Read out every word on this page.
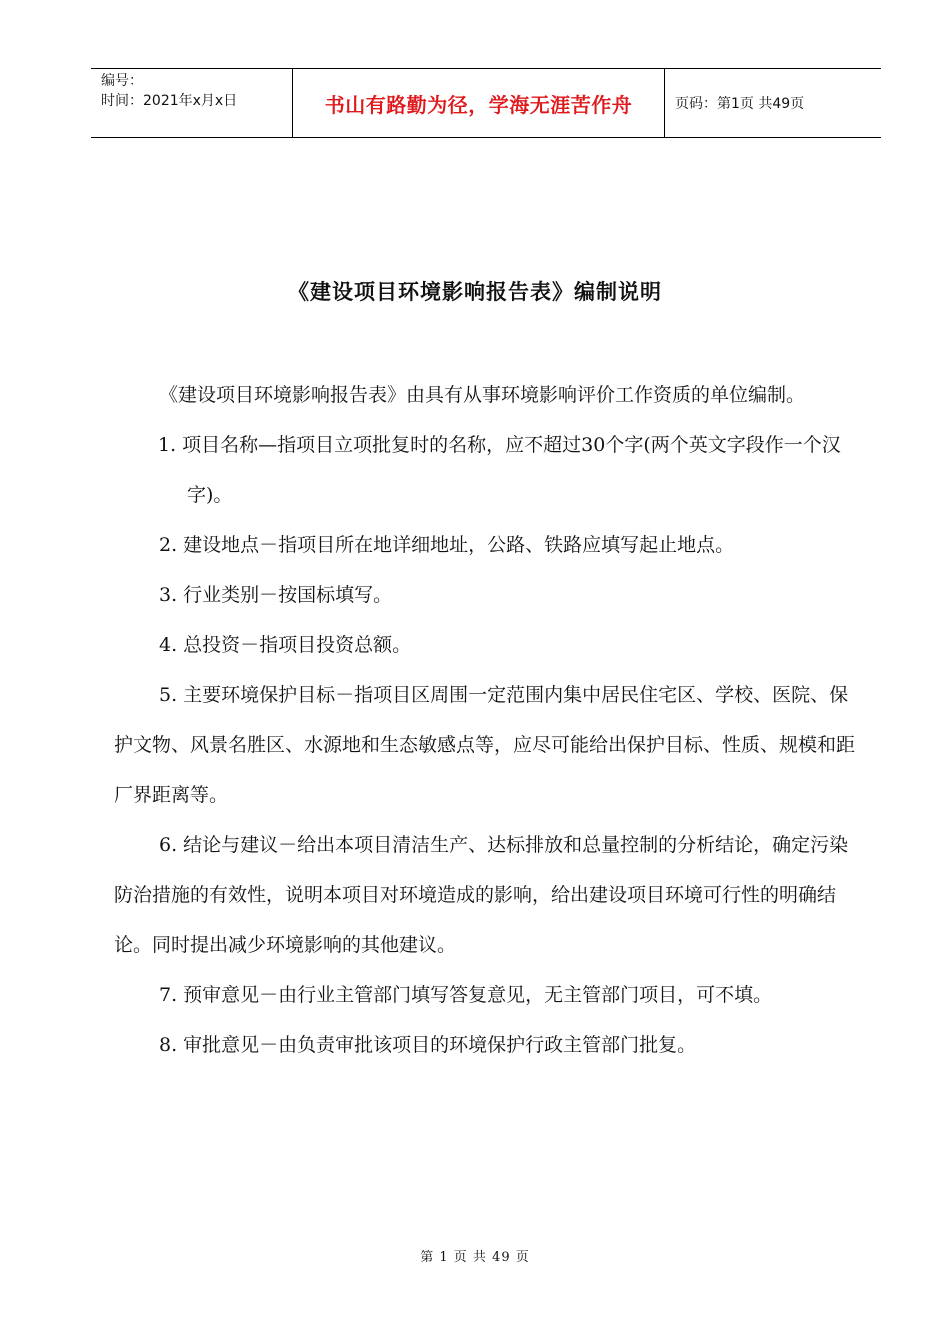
编号：
时间：2021年x月x日	书山有路勤为径，学海无涯苦作舟	页码：第1页 共49页
《建设项目环境影响报告表》编制说明

《建设项目环境影响报告表》由具有从事环境影响评价工作资质的单位编制。

1. 项目名称—指项目立项批复时的名称，应不超过30个字(两个英文字段作一个汉字)。

2. 建设地点－指项目所在地详细地址，公路、铁路应填写起止地点。

3. 行业类别－按国标填写。

4. 总投资－指项目投资总额。

5. 主要环境保护目标－指项目区周围一定范围内集中居民住宅区、学校、医院、保护文物、风景名胜区、水源地和生态敏感点等，应尽可能给出保护目标、性质、规模和距厂界距离等。

6. 结论与建议－给出本项目清洁生产、达标排放和总量控制的分析结论，确定污染防治措施的有效性，说明本项目对环境造成的影响，给出建设项目环境可行性的明确结论。同时提出减少环境影响的其他建议。

7. 预审意见－由行业主管部门填写答复意见，无主管部门项目，可不填。

8. 审批意见－由负责审批该项目的环境保护行政主管部门批复。

第 1 页 共 49 页
